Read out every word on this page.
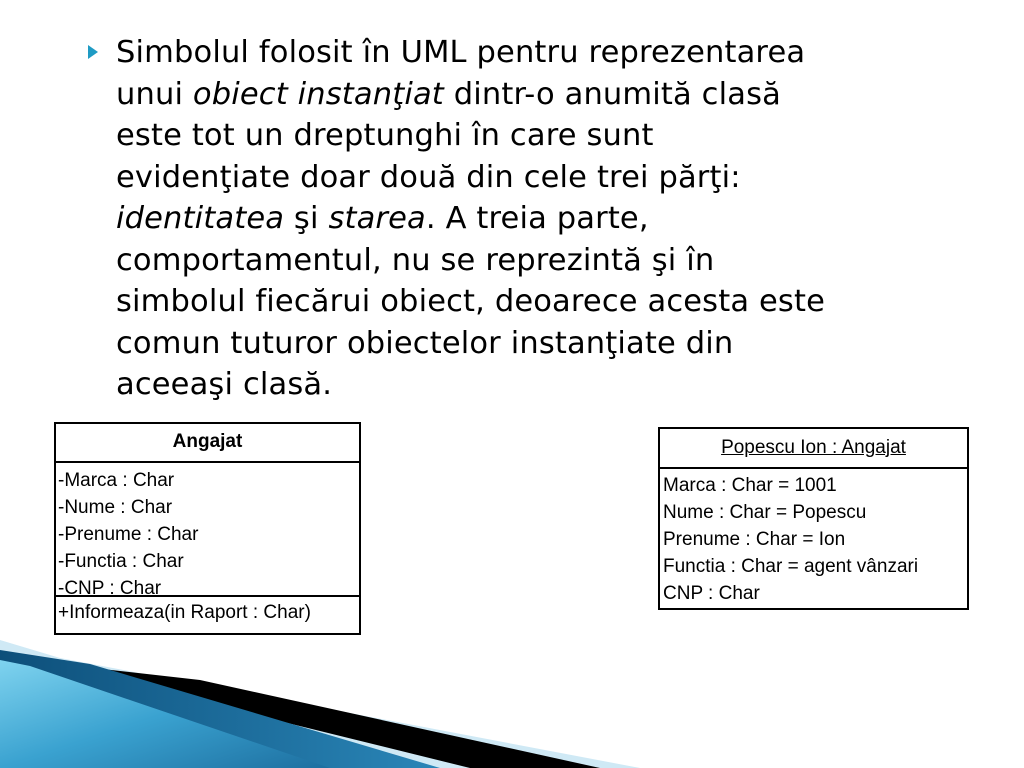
Simbolul folosit în UML pentru reprezentarea
unui obiect instanţiat dintr-o anumită clasă
este tot un dreptunghi în care sunt
evidenţiate doar două din cele trei părţi:
identitatea şi starea. A treia parte,
comportamentul, nu se reprezintă şi în
simbolul fiecărui obiect, deoarece acesta este
comun tuturor obiectelor instanţiate din
aceeaşi clasă.
Angajat
-Marca : Char
-Nume : Char
-Prenume : Char
-Functia : Char
-CNP : Char
+Informeaza(in Raport : Char)
Popescu Ion : Angajat
Marca : Char = 1001
Nume : Char = Popescu
Prenume : Char = Ion
Functia : Char = agent vânzari
CNP : Char
